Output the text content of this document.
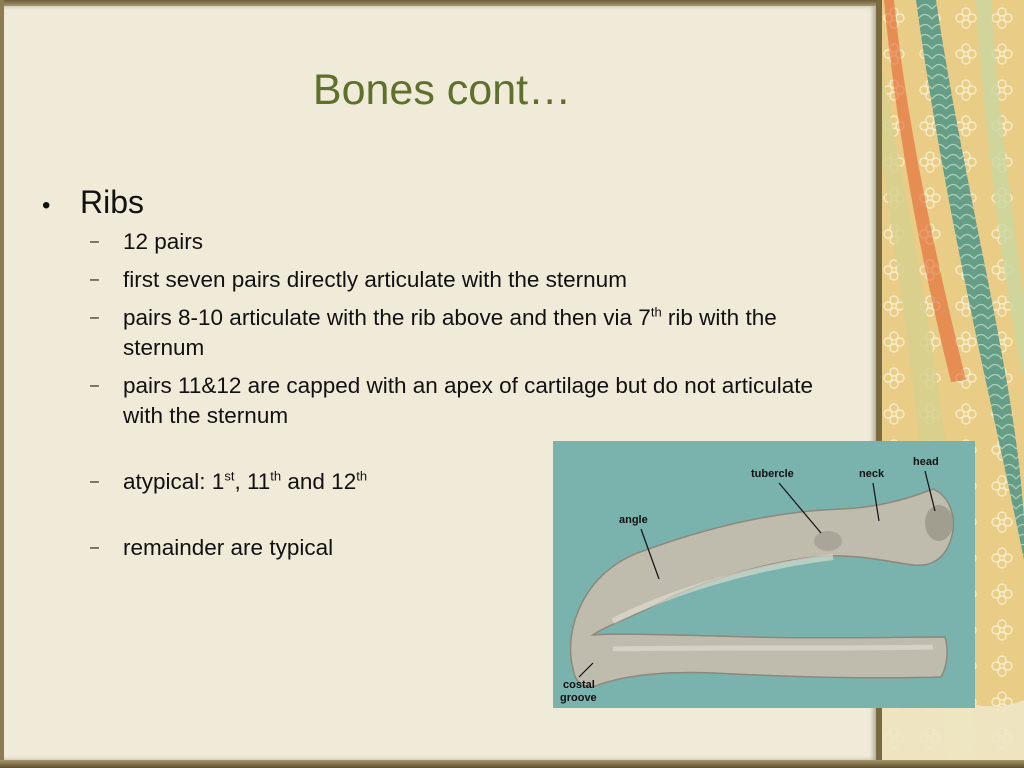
Bones cont…
• Ribs
– 12 pairs
– first seven pairs directly articulate with the sternum
– pairs 8-10 articulate with the rib above and then via 7th rib with the sternum
– pairs 11&12 are capped with an apex of cartilage but do not articulate with the sternum
– atypical: 1st, 11th and 12th
– remainder are typical
head
neck
tubercle
angle
costal
groove
